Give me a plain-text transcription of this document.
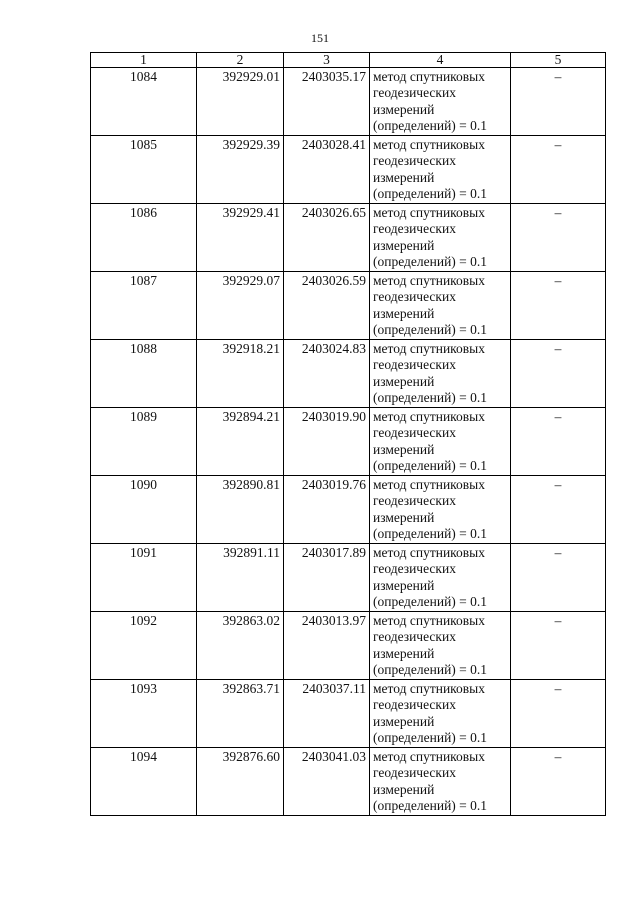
151
1	2	3	4	5
1084	392929.01	2403035.17	метод спутниковых геодезических измерений (определений) = 0.1	–
1085	392929.39	2403028.41	метод спутниковых геодезических измерений (определений) = 0.1	–
1086	392929.41	2403026.65	метод спутниковых геодезических измерений (определений) = 0.1	–
1087	392929.07	2403026.59	метод спутниковых геодезических измерений (определений) = 0.1	–
1088	392918.21	2403024.83	метод спутниковых геодезических измерений (определений) = 0.1	–
1089	392894.21	2403019.90	метод спутниковых геодезических измерений (определений) = 0.1	–
1090	392890.81	2403019.76	метод спутниковых геодезических измерений (определений) = 0.1	–
1091	392891.11	2403017.89	метод спутниковых геодезических измерений (определений) = 0.1	–
1092	392863.02	2403013.97	метод спутниковых геодезических измерений (определений) = 0.1	–
1093	392863.71	2403037.11	метод спутниковых геодезических измерений (определений) = 0.1	–
1094	392876.60	2403041.03	метод спутниковых геодезических измерений (определений) = 0.1	–
